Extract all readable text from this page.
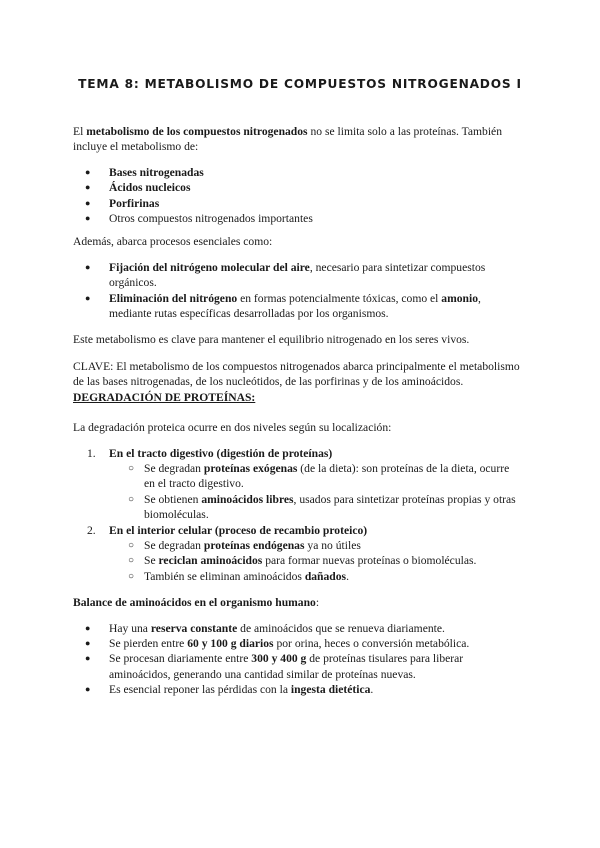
TEMA 8: METABOLISMO DE COMPUESTOS NITROGENADOS I

El metabolismo de los compuestos nitrogenados no se limita solo a las proteínas. También incluye el metabolismo de:

● Bases nitrogenadas
● Ácidos nucleicos
● Porfirinas
● Otros compuestos nitrogenados importantes

Además, abarca procesos esenciales como:

● Fijación del nitrógeno molecular del aire, necesario para sintetizar compuestos orgánicos.
● Eliminación del nitrógeno en formas potencialmente tóxicas, como el amonio, mediante rutas específicas desarrolladas por los organismos.

Este metabolismo es clave para mantener el equilibrio nitrogenado en los seres vivos.

CLAVE: El metabolismo de los compuestos nitrogenados abarca principalmente el metabolismo de las bases nitrogenadas, de los nucleótidos, de las porfirinas y de los aminoácidos.

DEGRADACIÓN DE PROTEÍNAS:

La degradación proteica ocurre en dos niveles según su localización:

1. En el tracto digestivo (digestión de proteínas)
○ Se degradan proteínas exógenas (de la dieta): son proteínas de la dieta, ocurre en el tracto digestivo.
○ Se obtienen aminoácidos libres, usados para sintetizar proteínas propias y otras biomoléculas.
2. En el interior celular (proceso de recambio proteico)
○ Se degradan proteínas endógenas ya no útiles
○ Se reciclan aminoácidos para formar nuevas proteínas o biomoléculas.
○ También se eliminan aminoácidos dañados.

Balance de aminoácidos en el organismo humano:

● Hay una reserva constante de aminoácidos que se renueva diariamente.
● Se pierden entre 60 y 100 g diarios por orina, heces o conversión metabólica.
● Se procesan diariamente entre 300 y 400 g de proteínas tisulares para liberar aminoácidos, generando una cantidad similar de proteínas nuevas.
● Es esencial reponer las pérdidas con la ingesta dietética.
